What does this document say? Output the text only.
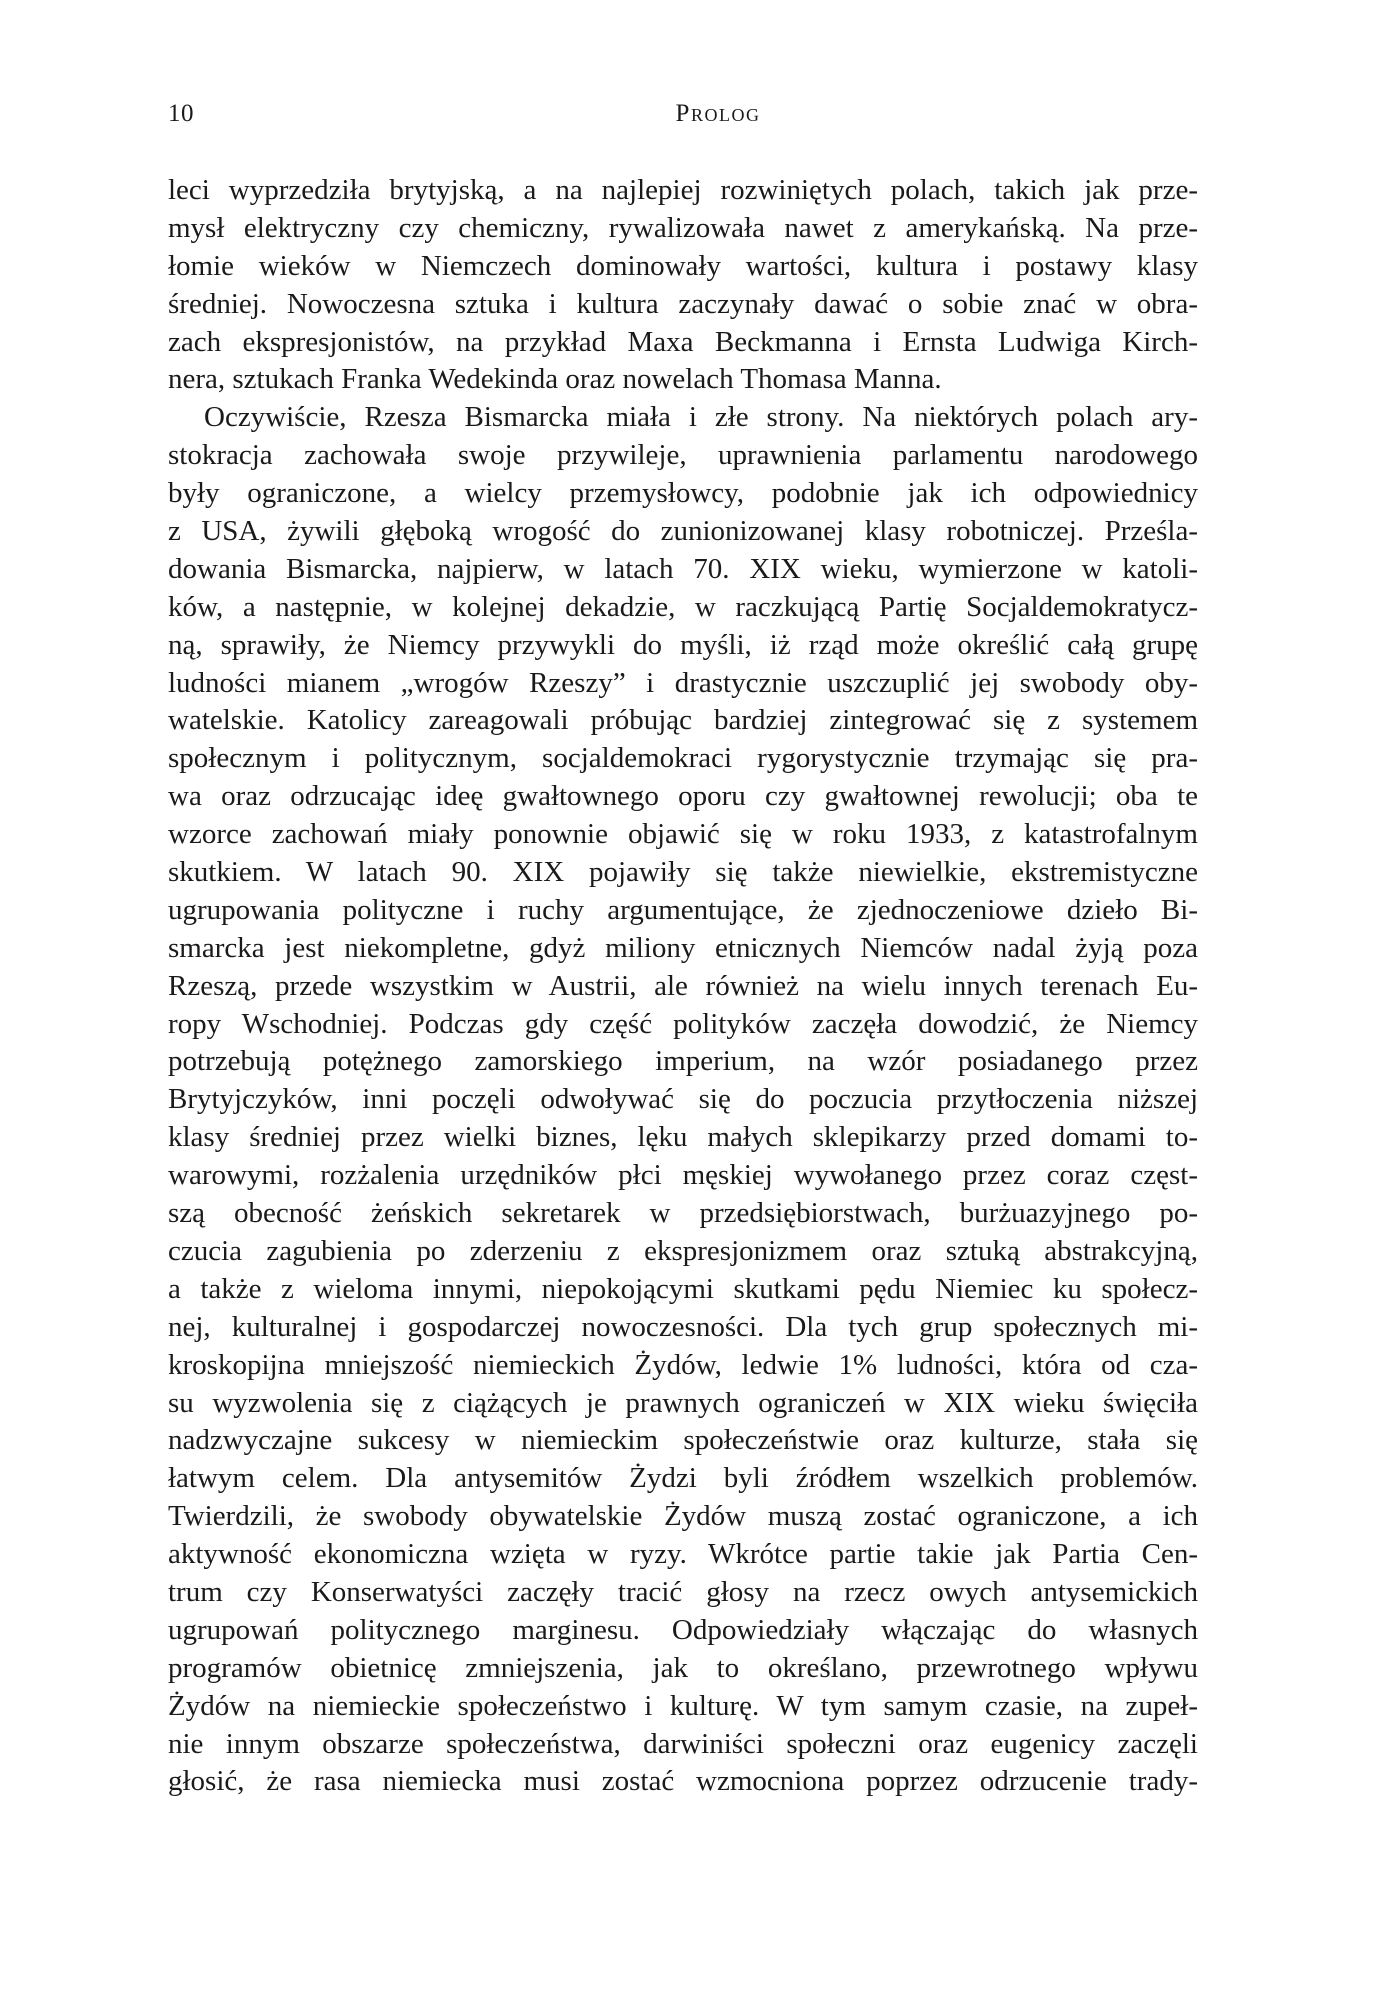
10	Prolog
leci wyprzedziła brytyjską, a na najlepiej rozwiniętych polach, takich jak prze-
mysł elektryczny czy chemiczny, rywalizowała nawet z amerykańską. Na prze-
łomie wieków w Niemczech dominowały wartości, kultura i postawy klasy
średniej. Nowoczesna sztuka i kultura zaczynały dawać o sobie znać w obra-
zach ekspresjonistów, na przykład Maxa Beckmanna i Ernsta Ludwiga Kirch-
nera, sztukach Franka Wedekinda oraz nowelach Thomasa Manna.
Oczywiście, Rzesza Bismarcka miała i złe strony. Na niektórych polach ary-
stokracja zachowała swoje przywileje, uprawnienia parlamentu narodowego
były ograniczone, a wielcy przemysłowcy, podobnie jak ich odpowiednicy
z USA, żywili głęboką wrogość do zunionizowanej klasy robotniczej. Prześla-
dowania Bismarcka, najpierw, w latach 70. XIX wieku, wymierzone w katoli-
ków, a następnie, w kolejnej dekadzie, w raczkującą Partię Socjaldemokratycz-
ną, sprawiły, że Niemcy przywykli do myśli, iż rząd może określić całą grupę
ludności mianem „wrogów Rzeszy” i drastycznie uszczuplić jej swobody oby-
watelskie. Katolicy zareagowali próbując bardziej zintegrować się z systemem
społecznym i politycznym, socjaldemokraci rygorystycznie trzymając się pra-
wa oraz odrzucając ideę gwałtownego oporu czy gwałtownej rewolucji; oba te
wzorce zachowań miały ponownie objawić się w roku 1933, z katastrofalnym
skutkiem. W latach 90. XIX pojawiły się także niewielkie, ekstremistyczne
ugrupowania polityczne i ruchy argumentujące, że zjednoczeniowe dzieło Bi-
smarcka jest niekompletne, gdyż miliony etnicznych Niemców nadal żyją poza
Rzeszą, przede wszystkim w Austrii, ale również na wielu innych terenach Eu-
ropy Wschodniej. Podczas gdy część polityków zaczęła dowodzić, że Niemcy
potrzebują potężnego zamorskiego imperium, na wzór posiadanego przez
Brytyjczyków, inni poczęli odwoływać się do poczucia przytłoczenia niższej
klasy średniej przez wielki biznes, lęku małych sklepikarzy przed domami to-
warowymi, rozżalenia urzędników płci męskiej wywołanego przez coraz częst-
szą obecność żeńskich sekretarek w przedsiębiorstwach, burżuazyjnego po-
czucia zagubienia po zderzeniu z ekspresjonizmem oraz sztuką abstrakcyjną,
a także z wieloma innymi, niepokojącymi skutkami pędu Niemiec ku społecz-
nej, kulturalnej i gospodarczej nowoczesności. Dla tych grup społecznych mi-
kroskopijna mniejszość niemieckich Żydów, ledwie 1% ludności, która od cza-
su wyzwolenia się z ciążących je prawnych ograniczeń w XIX wieku święciła
nadzwyczajne sukcesy w niemieckim społeczeństwie oraz kulturze, stała się
łatwym celem. Dla antysemitów Żydzi byli źródłem wszelkich problemów.
Twierdzili, że swobody obywatelskie Żydów muszą zostać ograniczone, a ich
aktywność ekonomiczna wzięta w ryzy. Wkrótce partie takie jak Partia Cen-
trum czy Konserwatyści zaczęły tracić głosy na rzecz owych antysemickich
ugrupowań politycznego marginesu. Odpowiedziały włączając do własnych
programów obietnicę zmniejszenia, jak to określano, przewrotnego wpływu
Żydów na niemieckie społeczeństwo i kulturę. W tym samym czasie, na zupeł-
nie innym obszarze społeczeństwa, darwiniści społeczni oraz eugenicy zaczęli
głosić, że rasa niemiecka musi zostać wzmocniona poprzez odrzucenie trady-
